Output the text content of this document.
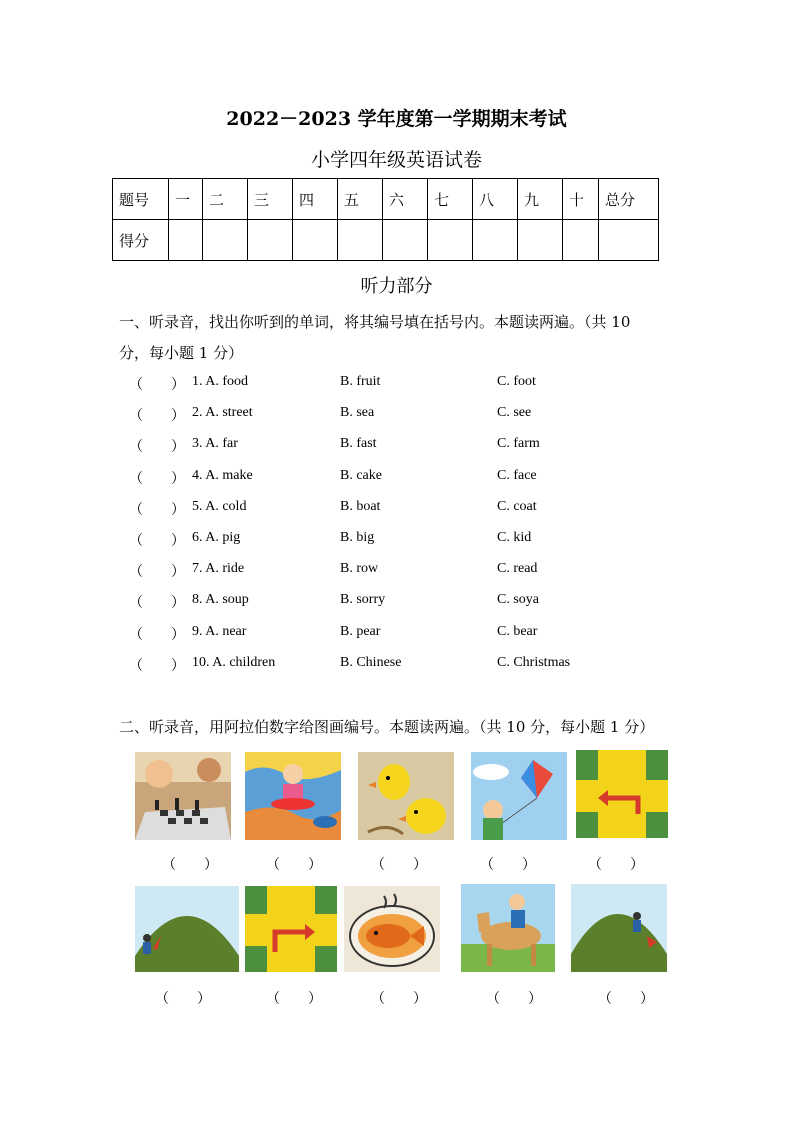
2022－2023 学年度第一学期期末考试
小学四年级英语试卷
题号	一	二	三	四	五	六	七	八	九	十	总分
得分											
听力部分
一、听录音，找出你听到的单词，将其编号填在括号内。本题读两遍。（共 10
分，每小题 1 分）
（　　） 1. A. food	B. fruit	C. foot
（　　） 2. A. street	B. sea	C. see
（　　） 3. A. far	B. fast	C. farm
（　　） 4. A. make	B. cake	C. face
（　　） 5. A. cold	B. boat	C. coat
（　　） 6. A. pig	B. big	C. kid
（　　） 7. A. ride	B. row	C. read
（　　） 8. A. soup	B. sorry	C. soya
（　　） 9. A. near	B. pear	C. bear
（　　） 10. A. children	B. Chinese	C. Christmas
二、听录音，用阿拉伯数字给图画编号。本题读两遍。（共 10 分，每小题 1 分）
（　　）	（　　）	（　　）	（　　）	（　　）
（　　）	（　　）	（　　）	（　　）	（　　）
